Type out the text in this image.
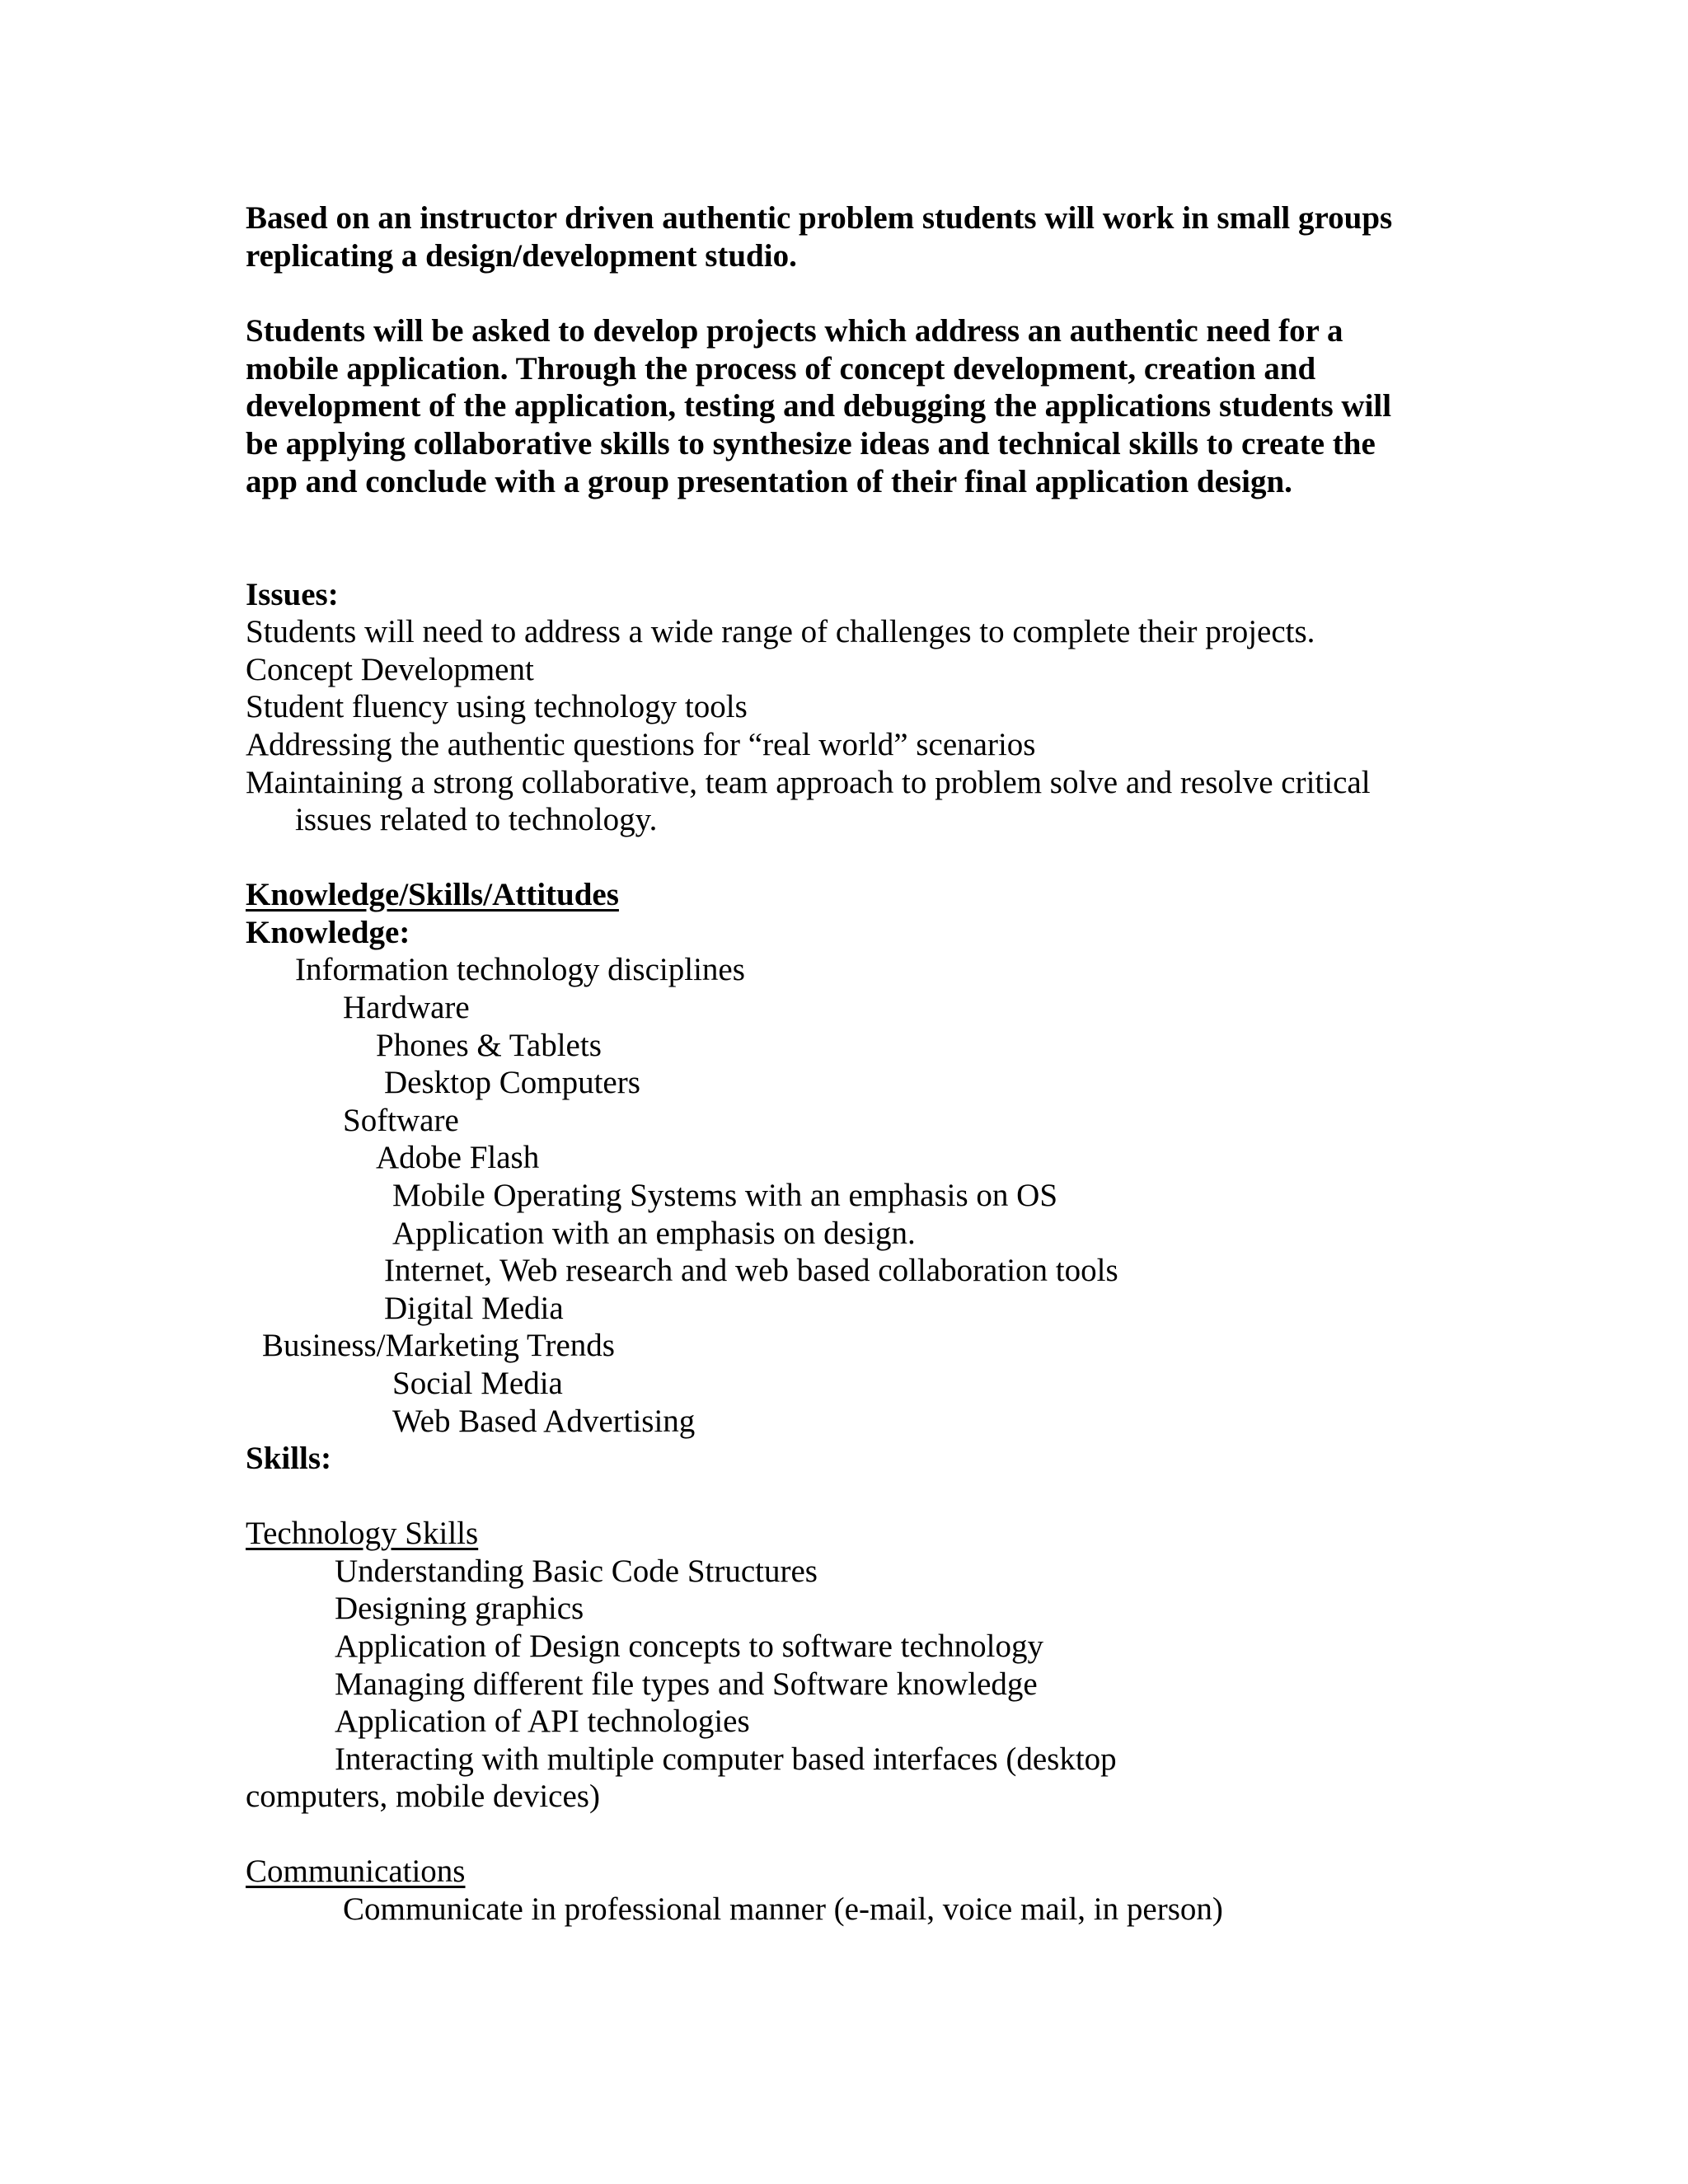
Based on an instructor driven authentic problem students will work in small groups

replicating a design/development studio.

Students will be asked to develop projects which address an authentic need for a

mobile application. Through the process of concept development, creation and

development of the application, testing and debugging the applications students will

be applying collaborative skills to synthesize ideas and technical skills to create the

app and conclude with a group presentation of their final application design.

Issues:

Students will need to address a wide range of challenges to complete their projects.

Concept Development

Student fluency using technology tools

Addressing the authentic questions for “real world” scenarios

Maintaining a strong collaborative, team approach to problem solve and resolve critical

issues related to technology.

Knowledge/Skills/Attitudes

Knowledge:

Information technology disciplines

Hardware

Phones & Tablets

Desktop Computers

Software

Adobe Flash

Mobile Operating Systems with an emphasis on OS

Application with an emphasis on design.

Internet, Web research and web based collaboration tools

Digital Media

Business/Marketing Trends

Social Media

Web Based Advertising

Skills:

Technology Skills

Understanding Basic Code Structures

Designing graphics

Application of Design concepts to software technology

Managing different file types and Software knowledge

Application of API technologies

Interacting with multiple computer based interfaces (desktop

computers, mobile devices)

Communications

Communicate in professional manner (e-mail, voice mail, in person)
